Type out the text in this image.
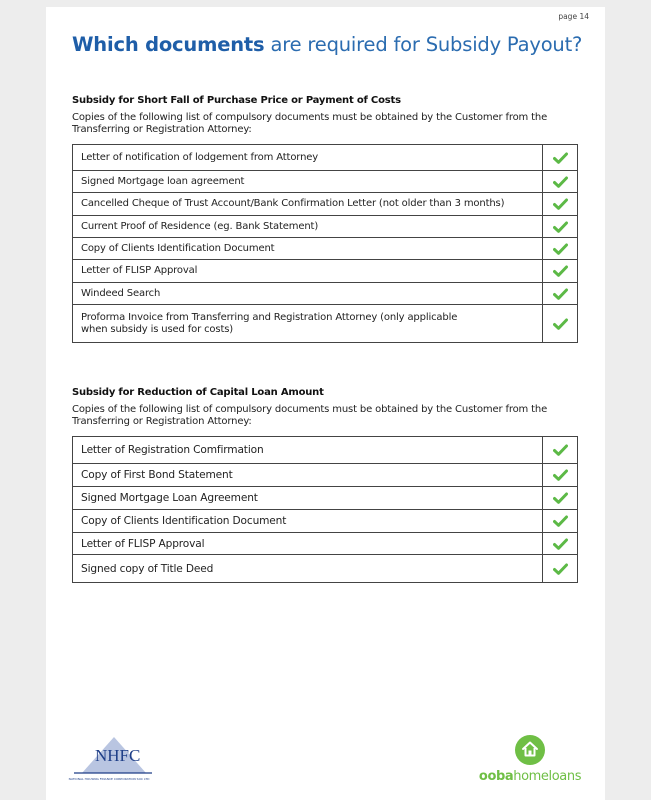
page 14
Which documents are required for Subsidy Payout?
Subsidy for Short Fall of Purchase Price or Payment of Costs

Copies of the following list of compulsory documents must be obtained by the Customer from the Transferring or Registration Attorney:

Letter of notification of lodgement from Attorney	

Signed Mortgage loan agreement	

Cancelled Cheque of Trust Account/Bank Confirmation Letter (not older than 3 months)	

Current Proof of Residence (eg. Bank Statement)	

Copy of Clients Identification Document	

Letter of FLISP Approval	

Windeed Search	

Proforma Invoice from Transferring and Registration Attorney (only applicable when subsidy is used for costs)	
Subsidy for Reduction of Capital Loan Amount

Copies of the following list of compulsory documents must be obtained by the Customer from the Transferring or Registration Attorney:

Letter of Registration Comfirmation	

Copy of First Bond Statement	

Signed Mortgage Loan Agreement	

Copy of Clients Identification Document	

Letter of FLISP Approval	

Signed copy of Title Deed	
NHFC
NATIONAL HOUSING FINANCE CORPORATION SOC LTD	oobahomeloans
